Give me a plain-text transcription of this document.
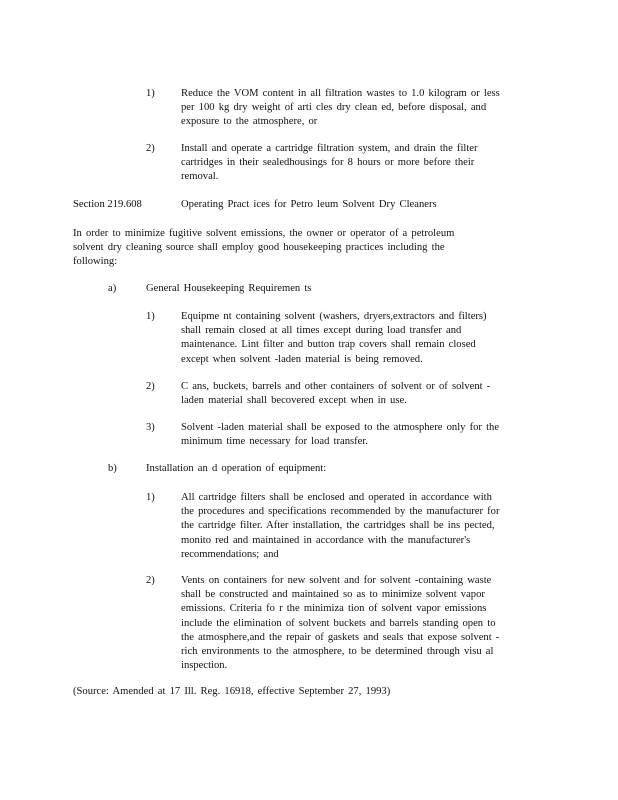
1) Reduce the VOM content in all filtration wastes to 1.0 kilogram or less per 100 kg dry weight of arti cles dry clean ed, before disposal, and exposure to the atmosphere, or
2) Install and operate a cartridge filtration system, and drain the filter cartridges in their sealedhousings for 8 hours or more before their removal.
Section 219.608	Operating Pract ices for Petro leum Solvent Dry Cleaners
In order to minimize fugitive solvent emissions, the owner or operator of a petroleum solvent dry cleaning source shall employ good housekeeping practices including the following:
a)	General Housekeeping Requiremen ts
1) Equipme nt containing solvent (washers, dryers,extractors and filters) shall remain closed at all times except during load transfer and maintenance. Lint filter and button trap covers shall remain closed except when solvent -laden material is being removed.
2) C ans, buckets, barrels and other containers of solvent or of solvent - laden material shall becovered except when in use.
3) Solvent -laden material shall be exposed to the atmosphere only for the minimum time necessary for load transfer.
b)	Installation an d operation of equipment:
1) All cartridge filters shall be enclosed and operated in accordance with the procedures and specifications recommended by the manufacturer for the cartridge filter. After installation, the cartridges shall be ins pected, monito red and maintained in accordance with the manufacturer's recommendations; and
2) Vents on containers for new solvent and for solvent -containing waste shall be constructed and maintained so as to minimize solvent vapor emissions. Criteria fo r the minimiza tion of solvent vapor emissions include the elimination of solvent buckets and barrels standing open to the atmosphere,and the repair of gaskets and seals that expose solvent -rich environments to the atmosphere, to be determined through visu al inspection.
(Source: Amended at 17 Ill. Reg. 16918, effective September 27, 1993)
